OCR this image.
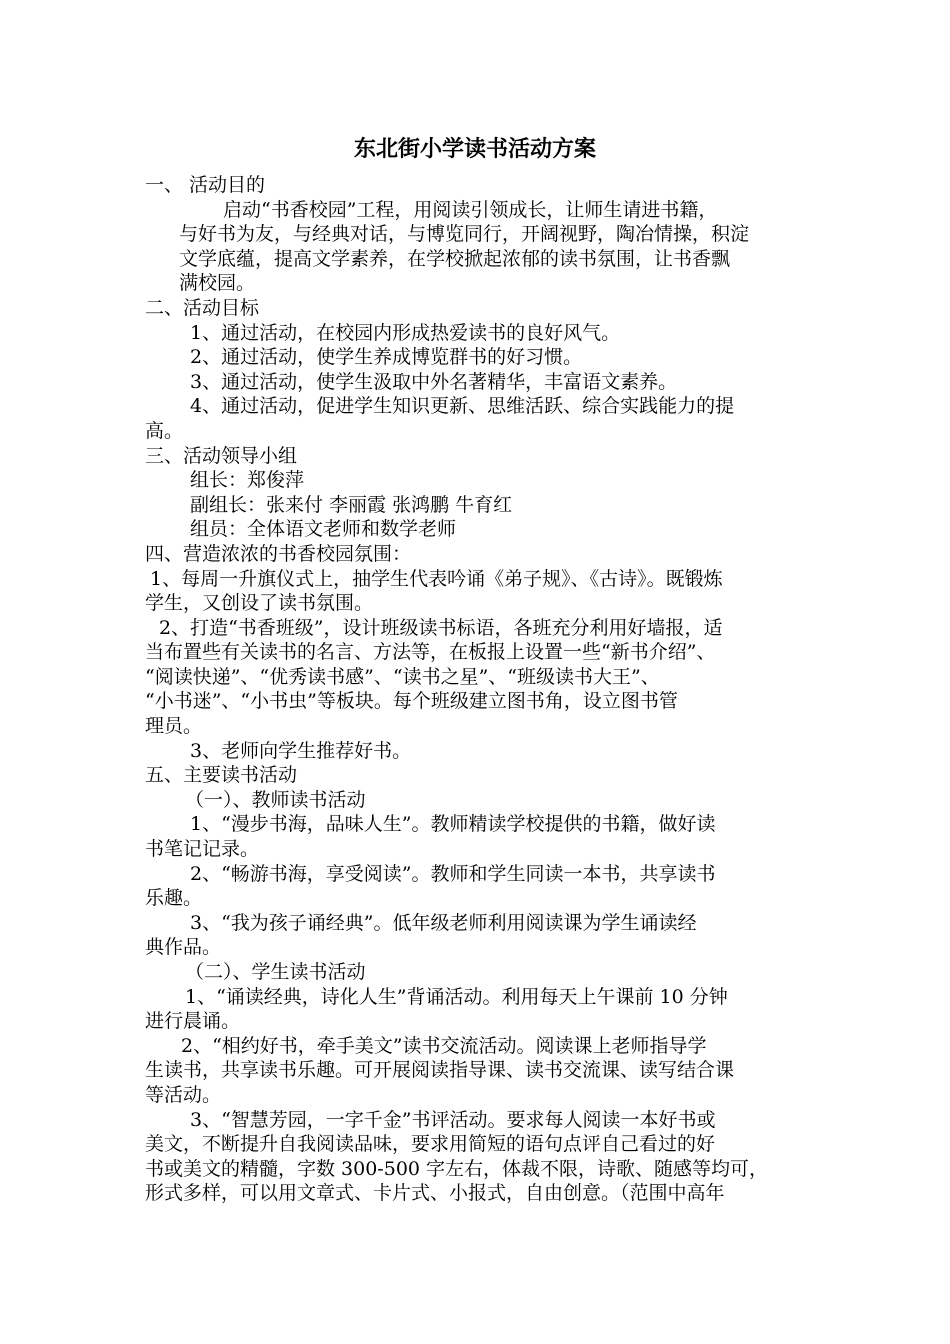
东北街小学读书活动方案
一、 活动目的
启动“书香校园”工程，用阅读引领成长，让师生请进书籍，
与好书为友，与经典对话，与博览同行，开阔视野，陶冶情操，积淀
文学底蕴，提高文学素养，在学校掀起浓郁的读书氛围，让书香飘
满校园。
二、活动目标
1、通过活动，在校园内形成热爱读书的良好风气。
2、通过活动，使学生养成博览群书的好习惯。
3、通过活动，使学生汲取中外名著精华，丰富语文素养。
4、通过活动，促进学生知识更新、思维活跃、综合实践能力的提
高。
三、活动领导小组
组长：郑俊萍
副组长：张来付 李丽霞 张鸿鹏 牛育红
组员：全体语文老师和数学老师
四、营造浓浓的书香校园氛围：
1、每周一升旗仪式上，抽学生代表吟诵《弟子规》、《古诗》。既锻炼
学生，又创设了读书氛围。
2、打造“书香班级”，设计班级读书标语，各班充分利用好墙报，适
当布置些有关读书的名言、方法等，在板报上设置一些“新书介绍”、
“阅读快递”、“优秀读书感”、“读书之星”、“班级读书大王”、
“小书迷”、“小书虫”等板块。每个班级建立图书角，设立图书管
理员。
3、老师向学生推荐好书。
五、主要读书活动
（一）、教师读书活动
1、“漫步书海，品味人生”。教师精读学校提供的书籍，做好读
书笔记记录。
2、“畅游书海，享受阅读”。教师和学生同读一本书，共享读书
乐趣。
3、“我为孩子诵经典”。低年级老师利用阅读课为学生诵读经
典作品。
（二）、学生读书活动
1、“诵读经典，诗化人生”背诵活动。利用每天上午课前 10 分钟
进行晨诵。
2、“相约好书，牵手美文”读书交流活动。阅读课上老师指导学
生读书，共享读书乐趣。可开展阅读指导课、读书交流课、读写结合课
等活动。
3、“智慧芳园，一字千金”书评活动。要求每人阅读一本好书或
美文，不断提升自我阅读品味，要求用简短的语句点评自己看过的好
书或美文的精髓，字数 300-500 字左右，体裁不限，诗歌、随感等均可，
形式多样，可以用文章式、卡片式、小报式，自由创意。（范围中高年
